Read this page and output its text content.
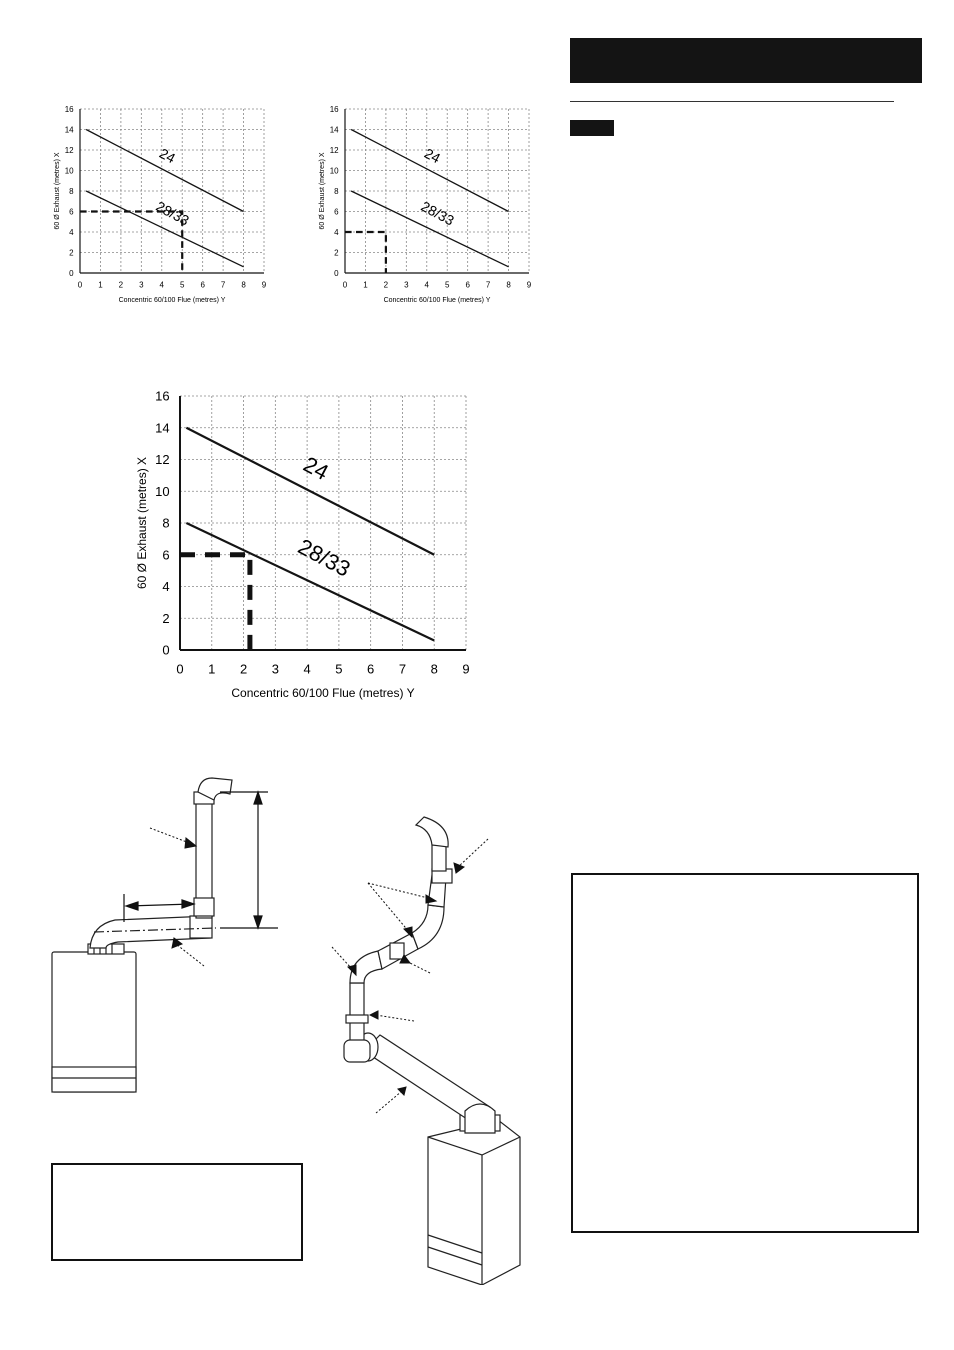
0 1 2 3 4 5 6 7 8 9
0
2
4
6
8
10
12
14
16
Concentric 60/100 Flue (metres) Y
60 Ø Exhaust (metres) X	24
28/33
0 1 2 3 4 5 6 7 8 9
0
2
4
6
8
10
12
14
16
Concentric 60/100 Flue (metres) Y
60 Ø Exhaust (metres) X	24
28/33
0 1 2 3 4 5 6 7 8 9
0
2
4
6
8
10
12
14
16
Concentric 60/100 Flue (metres) Y
60 Ø Exhaust (metres) X	24
28/33
